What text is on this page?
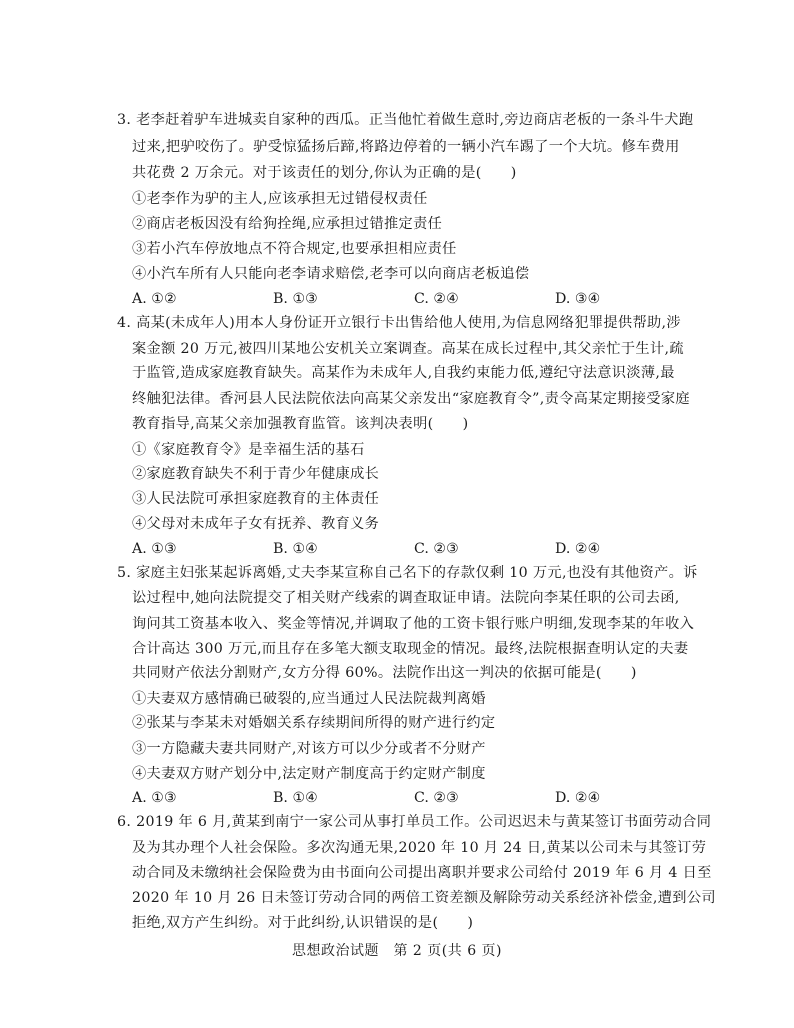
3. 老李赶着驴车进城卖自家种的西瓜。正当他忙着做生意时,旁边商店老板的一条斗牛犬跑
过来,把驴咬伤了。驴受惊猛扬后蹄,将路边停着的一辆小汽车踢了一个大坑。修车费用
共花费 2 万余元。对于该责任的划分,你认为正确的是(　　)
①老李作为驴的主人,应该承担无过错侵权责任
②商店老板因没有给狗拴绳,应承担过错推定责任
③若小汽车停放地点不符合规定,也要承担相应责任
④小汽车所有人只能向老李请求赔偿,老李可以向商店老板追偿
A. ①②	B. ①③	C. ②④	D. ③④
4. 高某(未成年人)用本人身份证开立银行卡出售给他人使用,为信息网络犯罪提供帮助,涉
案金额 20 万元,被四川某地公安机关立案调查。高某在成长过程中,其父亲忙于生计,疏
于监管,造成家庭教育缺失。高某作为未成年人,自我约束能力低,遵纪守法意识淡薄,最
终触犯法律。香河县人民法院依法向高某父亲发出“家庭教育令”,责令高某定期接受家庭
教育指导,高某父亲加强教育监管。该判决表明(　　)
①《家庭教育令》是幸福生活的基石
②家庭教育缺失不利于青少年健康成长
③人民法院可承担家庭教育的主体责任
④父母对未成年子女有抚养、教育义务
A. ①③	B. ①④	C. ②③	D. ②④
5. 家庭主妇张某起诉离婚,丈夫李某宣称自己名下的存款仅剩 10 万元,也没有其他资产。诉
讼过程中,她向法院提交了相关财产线索的调查取证申请。法院向李某任职的公司去函,
询问其工资基本收入、奖金等情况,并调取了他的工资卡银行账户明细,发现李某的年收入
合计高达 300 万元,而且存在多笔大额支取现金的情况。最终,法院根据查明认定的夫妻
共同财产依法分割财产,女方分得 60%。法院作出这一判决的依据可能是(　　)
①夫妻双方感情确已破裂的,应当通过人民法院裁判离婚
②张某与李某未对婚姻关系存续期间所得的财产进行约定
③一方隐藏夫妻共同财产,对该方可以少分或者不分财产
④夫妻双方财产划分中,法定财产制度高于约定财产制度
A. ①③	B. ①④	C. ②③	D. ②④
6. 2019 年 6 月,黄某到南宁一家公司从事打单员工作。公司迟迟未与黄某签订书面劳动合同
及为其办理个人社会保险。多次沟通无果,2020 年 10 月 24 日,黄某以公司未与其签订劳
动合同及未缴纳社会保险费为由书面向公司提出离职并要求公司给付 2019 年 6 月 4 日至
2020 年 10 月 26 日未签订劳动合同的两倍工资差额及解除劳动关系经济补偿金,遭到公司
拒绝,双方产生纠纷。对于此纠纷,认识错误的是(　　)
思想政治试题　第 2 页(共 6 页)
